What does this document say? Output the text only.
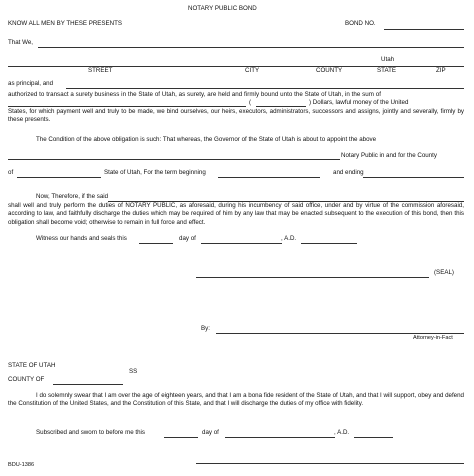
NOTARY PUBLIC BOND
KNOW ALL MEN BY THESE PRESENTS	BOND NO.
That We,
Utah
STREET	CITY	COUNTY	STATE	ZIP
as principal, and
authorized to transact a surety business in the State of Utah, as surety, are held and firmly bound unto the State of Utah, in the sum of
(	) Dollars, lawful money of the United
States, for which payment well and truly to be made, we bind ourselves, our heirs, executors, administrators, successors and assigns, jointly and severally, firmly by these presents.
The Condition of the above obligation is such: That whereas, the Governor of the State of Utah is about to appoint the above
Notary Public in and for the County
of	State of Utah, For the term beginning	and ending
Now, Therefore, if the said
shall well and truly perform the duties of NOTARY PUBLIC, as aforesaid, during his incumbency of said office, under and by virtue of the commission aforesaid, according to law, and faithfully discharge the duties which may be required of him by any law that may be enacted subsequent to the execution of this bond, then this obligation shall become void; otherwise to remain in full force and effect.
Witness our hands and seals this	day of	, A.D.
(SEAL)
By:
Attorney-in-Fact
STATE OF UTAH
SS
COUNTY OF
I do solemnly swear that I am over the age of eighteen years, and that I am a bona fide resident of the State of Utah, and that I will support, obey and defend the Constitution of the United States, and the Constitution of this State, and that I will discharge the duties of my office with fidelity.
Subscribed and sworn to before me this	day of	, A.D.
BDU-1386
